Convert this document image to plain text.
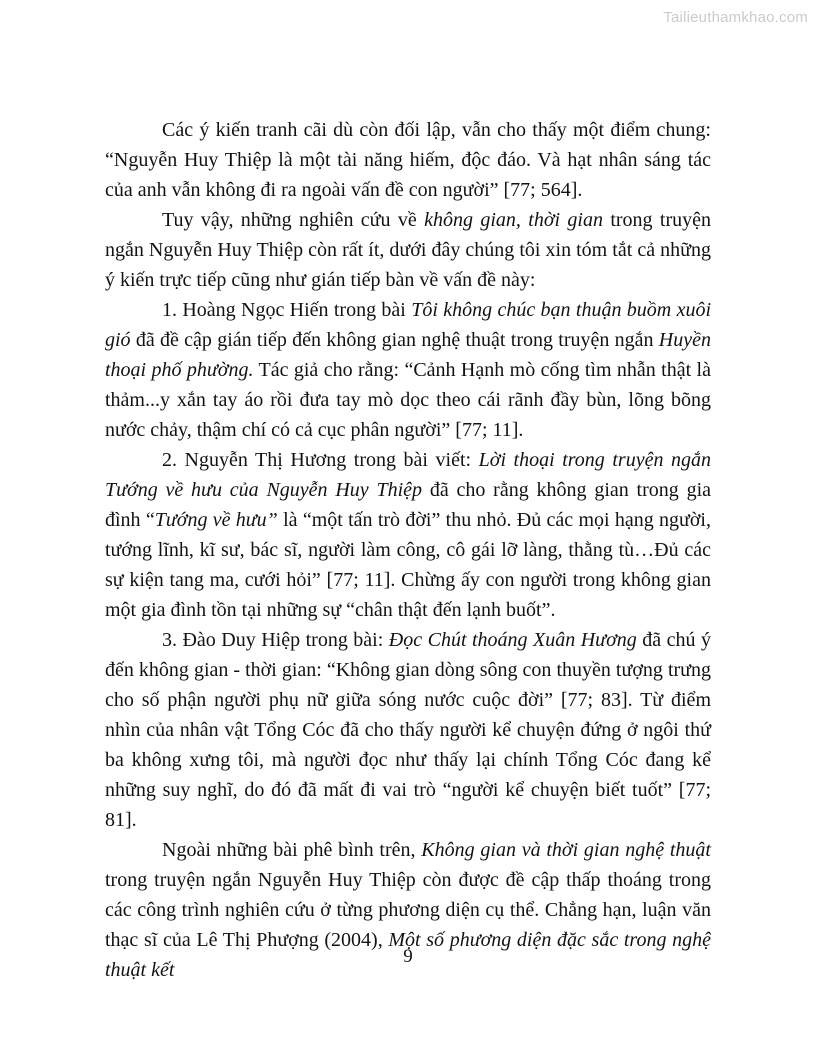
Tailieuthamkhao.com

Các ý kiến tranh cãi dù còn đối lập, vẫn cho thấy một điểm chung: “Nguyễn Huy Thiệp là một tài năng hiếm, độc đáo. Và hạt nhân sáng tác của anh vẫn không đi ra ngoài vấn đề con người” [77; 564].

Tuy vậy, những nghiên cứu về không gian, thời gian trong truyện ngắn Nguyễn Huy Thiệp còn rất ít, dưới đây chúng tôi xin tóm tắt cả những ý kiến trực tiếp cũng như gián tiếp bàn về vấn đề này:

1. Hoàng Ngọc Hiến trong bài Tôi không chúc bạn thuận buồm xuôi gió đã đề cập gián tiếp đến không gian nghệ thuật trong truyện ngắn Huyền thoại phố phường. Tác giả cho rằng: “Cảnh Hạnh mò cống tìm nhẫn thật là thảm...y xắn tay áo rồi đưa tay mò dọc theo cái rãnh đầy bùn, lõng bõng nước chảy, thậm chí có cả cục phân người” [77; 11].

2. Nguyễn Thị Hương trong bài viết: Lời thoại trong truyện ngắn Tướng về hưu của Nguyễn Huy Thiệp đã cho rằng không gian trong gia đình “Tướng về hưu” là “một tấn trò đời” thu nhỏ. Đủ các mọi hạng người, tướng lĩnh, kĩ sư, bác sĩ, người làm công, cô gái lỡ làng, thằng tù…Đủ các sự kiện tang ma, cưới hỏi” [77; 11]. Chừng ấy con người trong không gian một gia đình tồn tại những sự “chân thật đến lạnh buốt”.

3. Đào Duy Hiệp trong bài: Đọc Chút thoáng Xuân Hương đã chú ý đến không gian - thời gian: “Không gian dòng sông con thuyền tượng trưng cho số phận người phụ nữ giữa sóng nước cuộc đời” [77; 83]. Từ điểm nhìn của nhân vật Tổng Cóc đã cho thấy người kể chuyện đứng ở ngôi thứ ba không xưng tôi, mà người đọc như thấy lại chính Tổng Cóc đang kể những suy nghĩ, do đó đã mất đi vai trò “người kể chuyện biết tuốt” [77; 81].

Ngoài những bài phê bình trên, Không gian và thời gian nghệ thuật trong truyện ngắn Nguyễn Huy Thiệp còn được đề cập thấp thoáng trong các công trình nghiên cứu ở từng phương diện cụ thể. Chẳng hạn, luận văn thạc sĩ của Lê Thị Phượng (2004), Một số phương diện đặc sắc trong nghệ thuật kết

9
